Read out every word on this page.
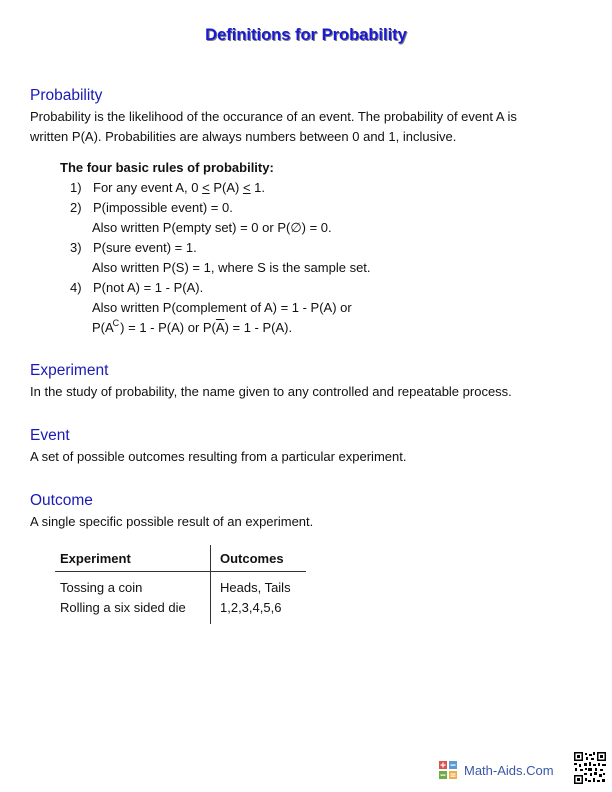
Definitions for Probability
Probability
Probability is the likelihood of the occurance of an event. The probability of event A is written P(A). Probabilities are always numbers between 0 and 1, inclusive.
The four basic rules of probability:
1) For any event A, 0 ≤ P(A) ≤ 1.
2) P(impossible event) = 0.
Also written P(empty set) = 0 or P(∅) = 0.
3) P(sure event) = 1.
Also written P(S) = 1, where S is the sample set.
4) P(not A) = 1 - P(A).
Also written P(complement of A) = 1 - P(A) or
$P(A^C) = 1 - P(A)$ or $P(\overline{A}) = 1 - P(A)$.
Experiment
In the study of probability, the name given to any controlled and repeatable process.
Event
A set of possible outcomes resulting from a particular experiment.
Outcome
A single specific possible result of an experiment.
Experiment	Outcomes
Tossing a coin	Heads, Tails
Rolling a six sided die	1,2,3,4,5,6
Math-Aids.Com
